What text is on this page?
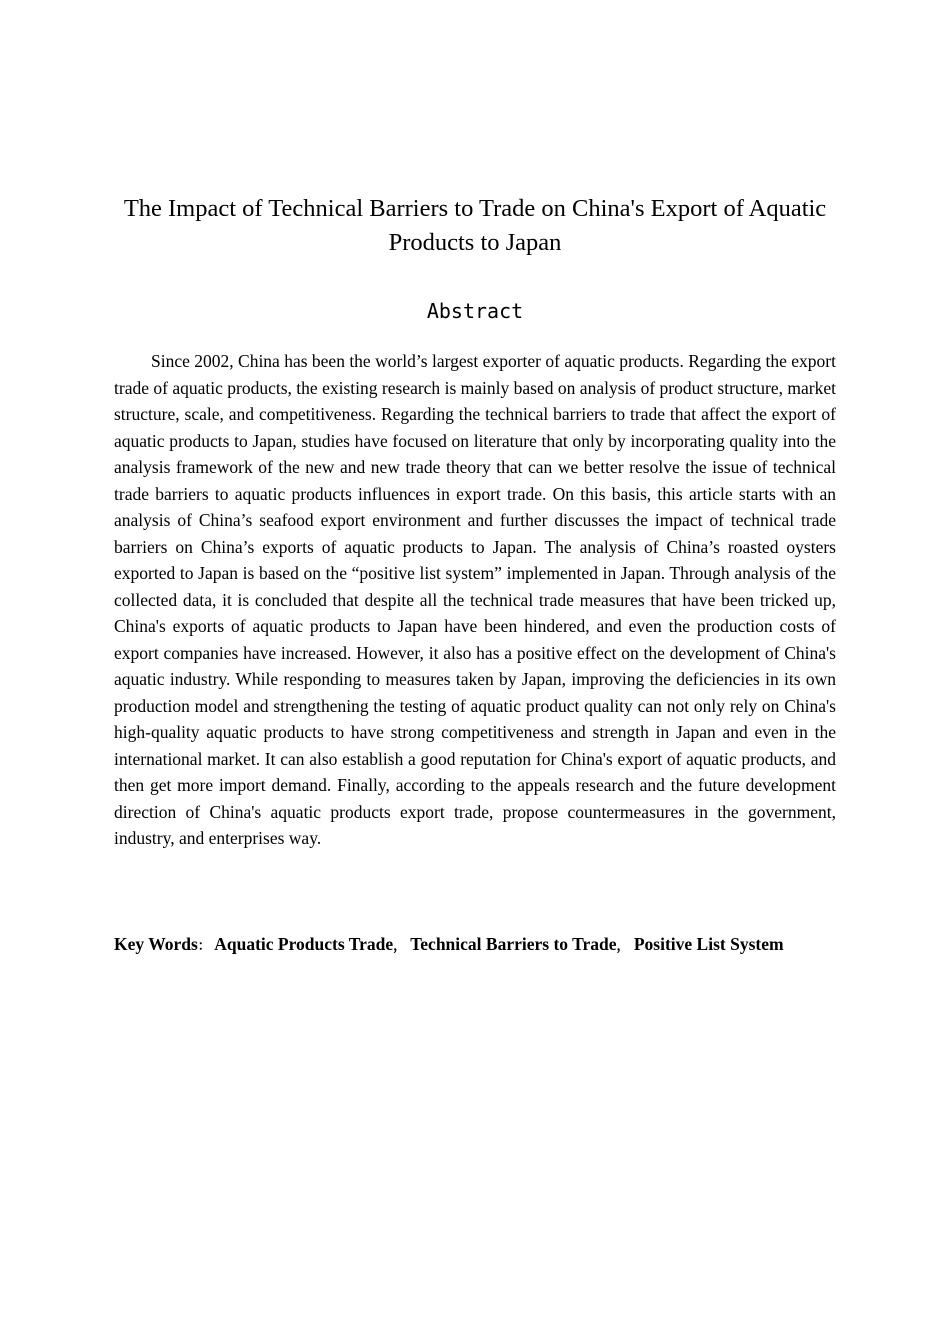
The Impact of Technical Barriers to Trade on China's Export of Aquatic Products to Japan
Abstract

Since 2002, China has been the world’s largest exporter of aquatic products. Regarding the export trade of aquatic products, the existing research is mainly based on analysis of product structure, market structure, scale, and competitiveness. Regarding the technical barriers to trade that affect the export of aquatic products to Japan, studies have focused on literature that only by incorporating quality into the analysis framework of the new and new trade theory that can we better resolve the issue of technical trade barriers to aquatic products influences in export trade. On this basis, this article starts with an analysis of China’s seafood export environment and further discusses the impact of technical trade barriers on China’s exports of aquatic products to Japan. The analysis of China’s roasted oysters exported to Japan is based on the “positive list system” implemented in Japan. Through analysis of the collected data, it is concluded that despite all the technical trade measures that have been tricked up, China's exports of aquatic products to Japan have been hindered, and even the production costs of export companies have increased. However, it also has a positive effect on the development of China's aquatic industry. While responding to measures taken by Japan, improving the deficiencies in its own production model and strengthening the testing of aquatic product quality can not only rely on China's high-quality aquatic products to have strong competitiveness and strength in Japan and even in the international market. It can also establish a good reputation for China's export of aquatic products, and then get more import demand. Finally, according to the appeals research and the future development direction of China's aquatic products export trade, propose countermeasures in the government, industry, and enterprises way.

Key Words： Aquatic Products Trade， Technical Barriers to Trade， Positive List System
